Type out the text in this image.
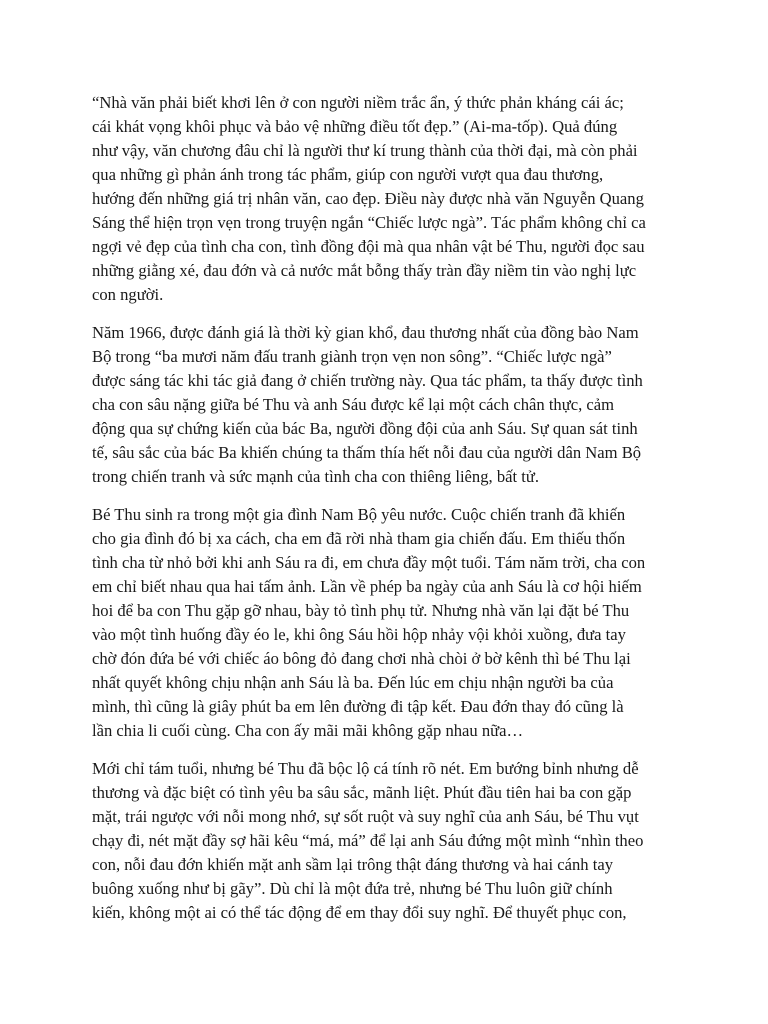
“Nhà văn phải biết khơi lên ở con người niềm trắc ẩn, ý thức phản kháng cái ác;
cái khát vọng khôi phục và bảo vệ những điều tốt đẹp.” (Ai-ma-tốp). Quả đúng
như vậy, văn chương đâu chỉ là người thư kí trung thành của thời đại, mà còn phải
qua những gì phản ánh trong tác phẩm, giúp con người vượt qua đau thương,
hướng đến những giá trị nhân văn, cao đẹp. Điều này được nhà văn Nguyễn Quang
Sáng thể hiện trọn vẹn trong truyện ngắn “Chiếc lược ngà”. Tác phẩm không chỉ ca
ngợi vẻ đẹp của tình cha con, tình đồng đội mà qua nhân vật bé Thu, người đọc sau
những giằng xé, đau đớn và cả nước mắt bỗng thấy tràn đầy niềm tin vào nghị lực
con người.

Năm 1966, được đánh giá là thời kỳ gian khổ, đau thương nhất của đồng bào Nam
Bộ trong “ba mươi năm đấu tranh giành trọn vẹn non sông”. “Chiếc lược ngà”
được sáng tác khi tác giả đang ở chiến trường này. Qua tác phẩm, ta thấy được tình
cha con sâu nặng giữa bé Thu và anh Sáu được kể lại một cách chân thực, cảm
động qua sự chứng kiến của bác Ba, người đồng đội của anh Sáu. Sự quan sát tinh
tế, sâu sắc của bác Ba khiến chúng ta thấm thía hết nỗi đau của người dân Nam Bộ
trong chiến tranh và sức mạnh của tình cha con thiêng liêng, bất tử.

Bé Thu sinh ra trong một gia đình Nam Bộ yêu nước. Cuộc chiến tranh đã khiến
cho gia đình đó bị xa cách, cha em đã rời nhà tham gia chiến đấu. Em thiếu thốn
tình cha từ nhỏ bởi khi anh Sáu ra đi, em chưa đầy một tuổi. Tám năm trời, cha con
em chỉ biết nhau qua hai tấm ảnh. Lần về phép ba ngày của anh Sáu là cơ hội hiếm
hoi để ba con Thu gặp gỡ nhau, bày tỏ tình phụ tử. Nhưng nhà văn lại đặt bé Thu
vào một tình huống đầy éo le, khi ông Sáu hồi hộp nhảy vội khỏi xuồng, đưa tay
chờ đón đứa bé với chiếc áo bông đỏ đang chơi nhà chòi ở bờ kênh thì bé Thu lại
nhất quyết không chịu nhận anh Sáu là ba. Đến lúc em chịu nhận người ba của
mình, thì cũng là giây phút ba em lên đường đi tập kết. Đau đớn thay đó cũng là
lần chia li cuối cùng. Cha con ấy mãi mãi không gặp nhau nữa…

Mới chỉ tám tuổi, nhưng bé Thu đã bộc lộ cá tính rõ nét. Em bướng bỉnh nhưng dễ
thương và đặc biệt có tình yêu ba sâu sắc, mãnh liệt. Phút đầu tiên hai ba con gặp
mặt, trái ngược với nỗi mong nhớ, sự sốt ruột và suy nghĩ của anh Sáu, bé Thu vụt
chạy đi, nét mặt đầy sợ hãi kêu “má, má” để lại anh Sáu đứng một mình “nhìn theo
con, nỗi đau đớn khiến mặt anh sầm lại trông thật đáng thương và hai cánh tay
buông xuống như bị gãy”. Dù chỉ là một đứa trẻ, nhưng bé Thu luôn giữ chính
kiến, không một ai có thể tác động để em thay đổi suy nghĩ. Để thuyết phục con,
